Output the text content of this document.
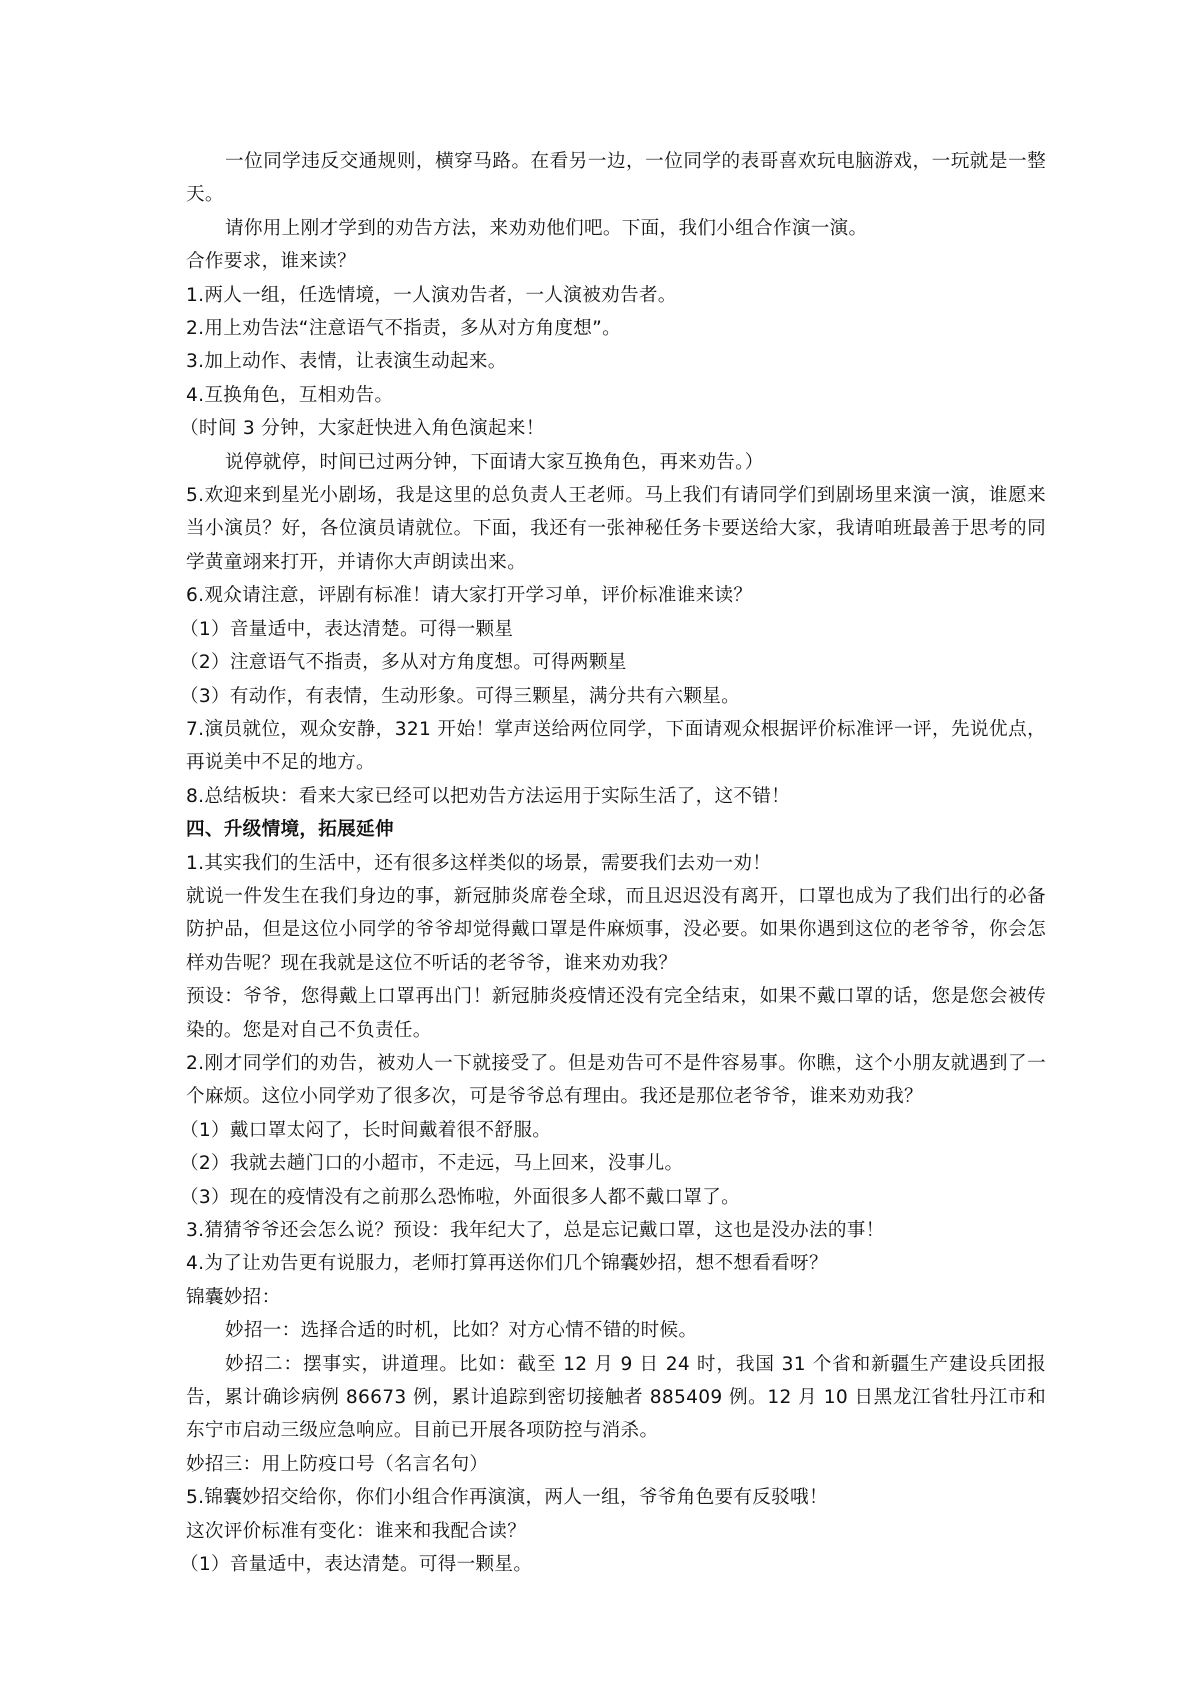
一位同学违反交通规则，横穿马路。在看另一边，一位同学的表哥喜欢玩电脑游戏，一玩就是一整天。

请你用上刚才学到的劝告方法，来劝劝他们吧。下面，我们小组合作演一演。

合作要求，谁来读？

1.两人一组，任选情境，一人演劝告者，一人演被劝告者。

2.用上劝告法“注意语气不指责，多从对方角度想”。

3.加上动作、表情，让表演生动起来。

4.互换角色，互相劝告。

（时间 3 分钟，大家赶快进入角色演起来！

说停就停，时间已过两分钟，下面请大家互换角色，再来劝告。）

5.欢迎来到星光小剧场，我是这里的总负责人王老师。马上我们有请同学们到剧场里来演一演，谁愿来当小演员？好，各位演员请就位。下面，我还有一张神秘任务卡要送给大家，我请咱班最善于思考的同学黄童翊来打开，并请你大声朗读出来。

6.观众请注意，评剧有标准！请大家打开学习单，评价标准谁来读？

（1）音量适中，表达清楚。可得一颗星

（2）注意语气不指责，多从对方角度想。可得两颗星

（3）有动作，有表情，生动形象。可得三颗星，满分共有六颗星。

7.演员就位，观众安静，321 开始！掌声送给两位同学，下面请观众根据评价标准评一评，先说优点，再说美中不足的地方。

8.总结板块：看来大家已经可以把劝告方法运用于实际生活了，这不错！

四、升级情境，拓展延伸

1.其实我们的生活中，还有很多这样类似的场景，需要我们去劝一劝！

就说一件发生在我们身边的事，新冠肺炎席卷全球，而且迟迟没有离开，口罩也成为了我们出行的必备防护品，但是这位小同学的爷爷却觉得戴口罩是件麻烦事，没必要。如果你遇到这位的老爷爷，你会怎样劝告呢？现在我就是这位不听话的老爷爷，谁来劝劝我？

预设：爷爷，您得戴上口罩再出门！新冠肺炎疫情还没有完全结束，如果不戴口罩的话，您是您会被传染的。您是对自己不负责任。

2.刚才同学们的劝告，被劝人一下就接受了。但是劝告可不是件容易事。你瞧，这个小朋友就遇到了一个麻烦。这位小同学劝了很多次，可是爷爷总有理由。我还是那位老爷爷，谁来劝劝我？

（1）戴口罩太闷了，长时间戴着很不舒服。

（2）我就去趟门口的小超市，不走远，马上回来，没事儿。

（3）现在的疫情没有之前那么恐怖啦，外面很多人都不戴口罩了。

3.猜猜爷爷还会怎么说？预设：我年纪大了，总是忘记戴口罩，这也是没办法的事！

4.为了让劝告更有说服力，老师打算再送你们几个锦囊妙招，想不想看看呀？

锦囊妙招：

妙招一：选择合适的时机，比如？对方心情不错的时候。

妙招二：摆事实，讲道理。比如：截至 12 月 9 日 24 时，我国 31 个省和新疆生产建设兵团报告，累计确诊病例 86673 例，累计追踪到密切接触者 885409 例。12 月 10 日黑龙江省牡丹江市和东宁市启动三级应急响应。目前已开展各项防控与消杀。

妙招三：用上防疫口号（名言名句）

5.锦囊妙招交给你，你们小组合作再演演，两人一组，爷爷角色要有反驳哦！

这次评价标准有变化：谁来和我配合读？

（1）音量适中，表达清楚。可得一颗星。
